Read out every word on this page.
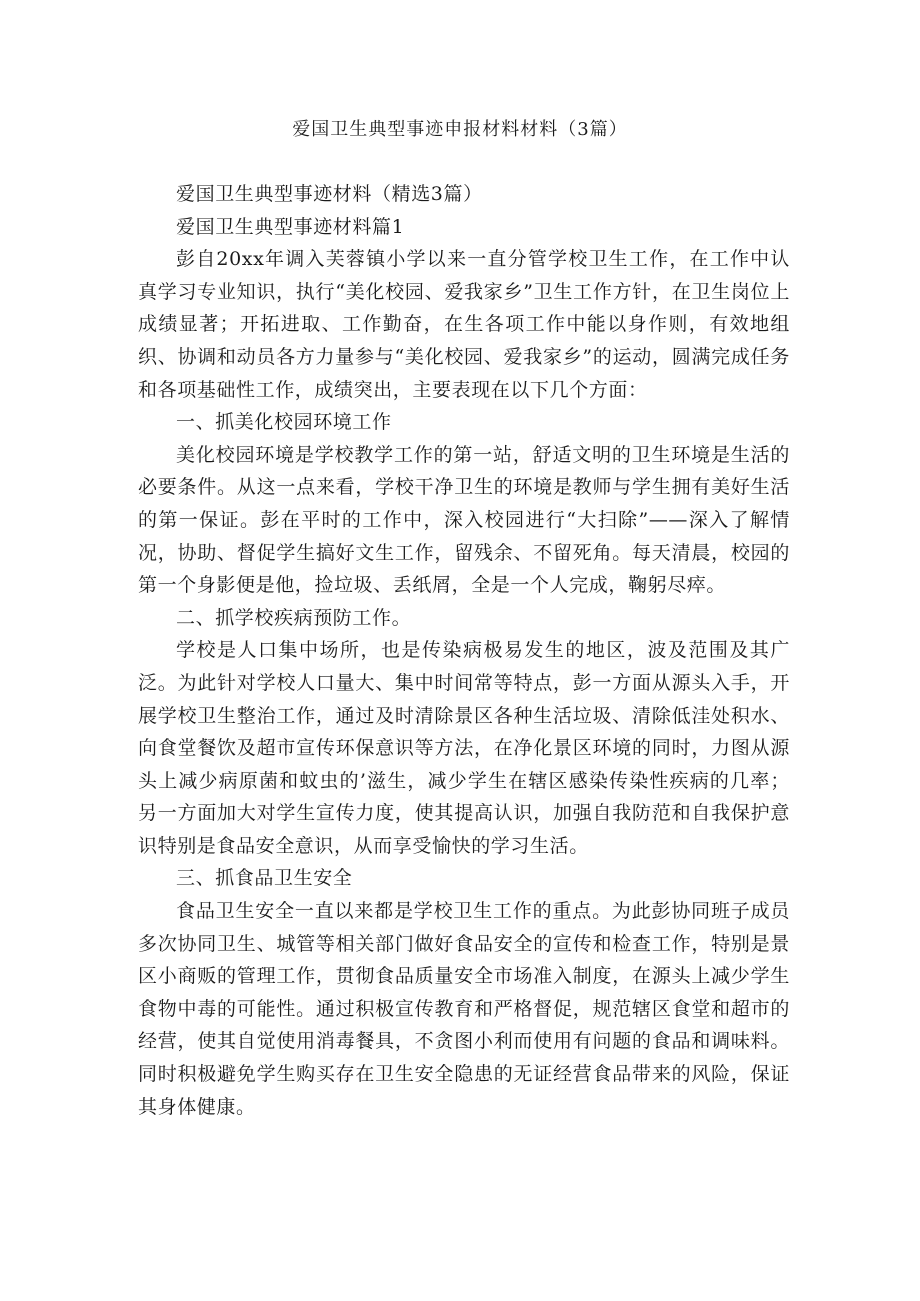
爱国卫生典型事迹申报材料材料（3篇）

爱国卫生典型事迹材料（精选3篇）

爱国卫生典型事迹材料篇1

彭自20xx年调入芙蓉镇小学以来一直分管学校卫生工作，在工作中认真学习专业知识，执行“美化校园、爱我家乡”卫生工作方针，在卫生岗位上成绩显著；开拓进取、工作勤奋，在生各项工作中能以身作则，有效地组织、协调和动员各方力量参与“美化校园、爱我家乡”的运动，圆满完成任务和各项基础性工作，成绩突出，主要表现在以下几个方面：

一、抓美化校园环境工作

美化校园环境是学校教学工作的第一站，舒适文明的卫生环境是生活的必要条件。从这一点来看，学校干净卫生的环境是教师与学生拥有美好生活的第一保证。彭在平时的工作中，深入校园进行“大扫除”——深入了解情况，协助、督促学生搞好文生工作，留残余、不留死角。每天清晨，校园的第一个身影便是他，捡垃圾、丢纸屑，全是一个人完成，鞠躬尽瘁。

二、抓学校疾病预防工作。

学校是人口集中场所，也是传染病极易发生的地区，波及范围及其广泛。为此针对学校人口量大、集中时间常等特点，彭一方面从源头入手，开展学校卫生整治工作，通过及时清除景区各种生活垃圾、清除低洼处积水、向食堂餐饮及超市宣传环保意识等方法，在净化景区环境的同时，力图从源头上减少病原菌和蚊虫的’滋生，减少学生在辖区感染传染性疾病的几率；另一方面加大对学生宣传力度，使其提高认识，加强自我防范和自我保护意识特别是食品安全意识，从而享受愉快的学习生活。

三、抓食品卫生安全

食品卫生安全一直以来都是学校卫生工作的重点。为此彭协同班子成员多次协同卫生、城管等相关部门做好食品安全的宣传和检查工作，特别是景区小商贩的管理工作，贯彻食品质量安全市场准入制度，在源头上减少学生食物中毒的可能性。通过积极宣传教育和严格督促，规范辖区食堂和超市的经营，使其自觉使用消毒餐具，不贪图小利而使用有问题的食品和调味料。同时积极避免学生购买存在卫生安全隐患的无证经营食品带来的风险，保证其身体健康。
